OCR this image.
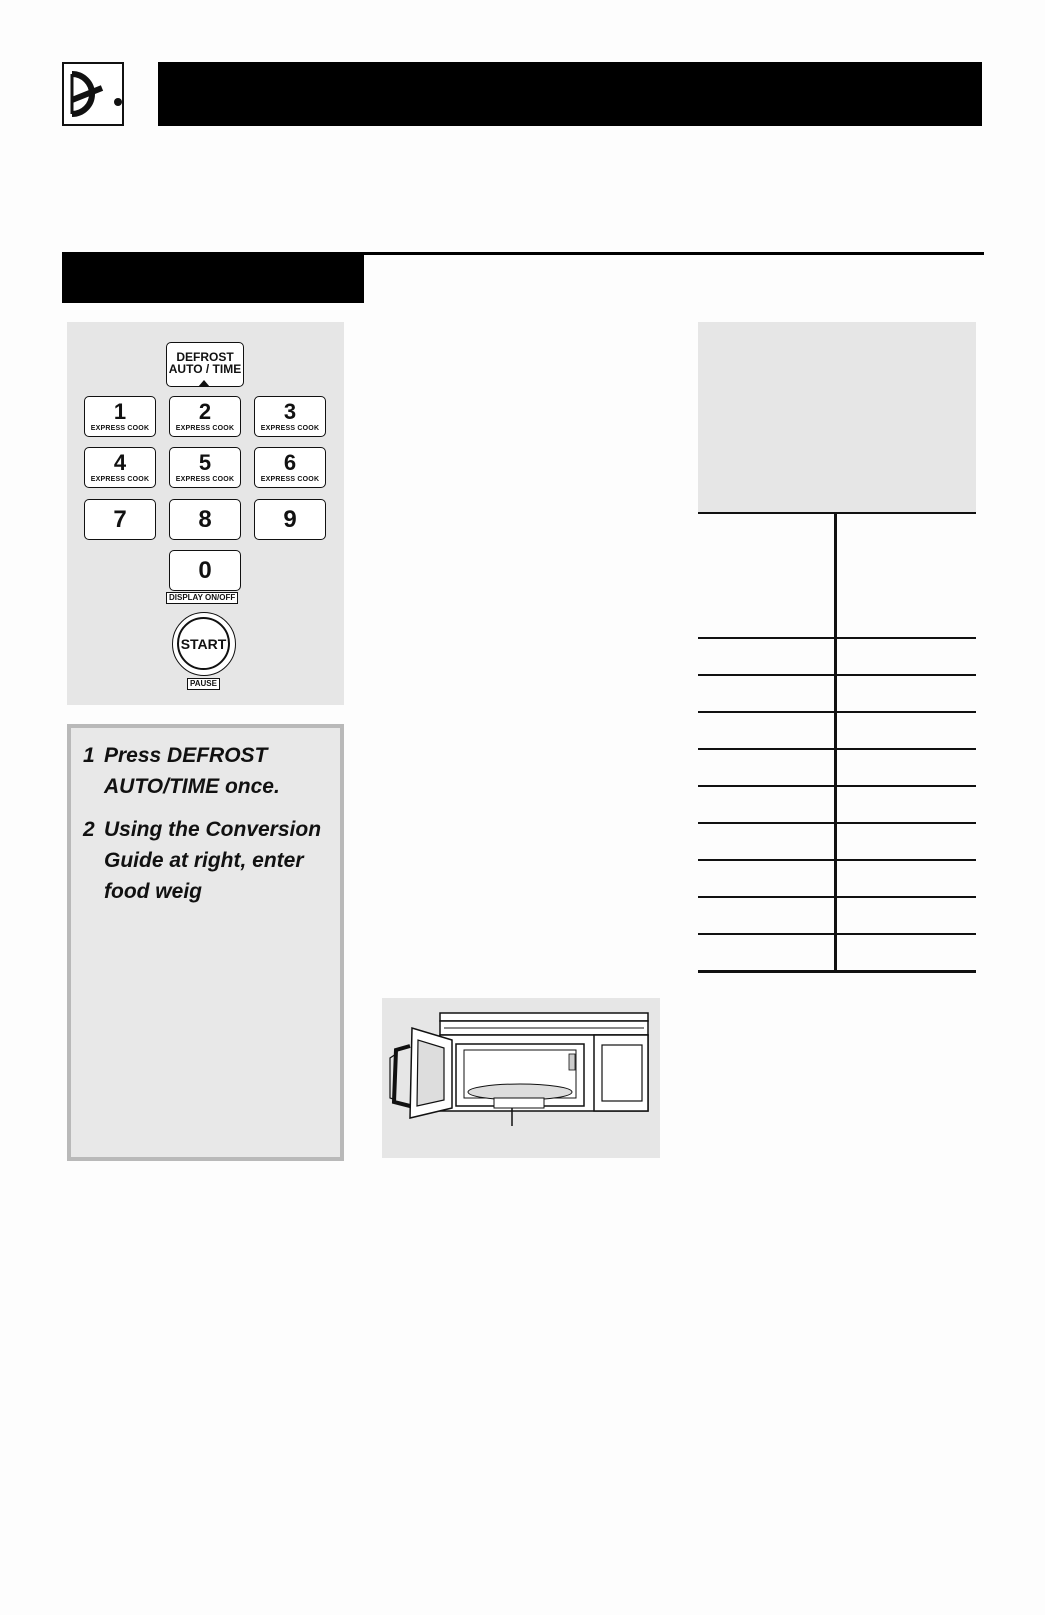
DEFROST
AUTO / TIME
1
EXPRESS COOK
2
EXPRESS COOK
3
EXPRESS COOK
4
EXPRESS COOK
5
EXPRESS COOK
6
EXPRESS COOK
7	8	9
0
DISPLAY ON/OFF
START
PAUSE
1 Press DEFROST AUTO/TIME once.
2 Using the Conversion Guide at right, enter food weig
